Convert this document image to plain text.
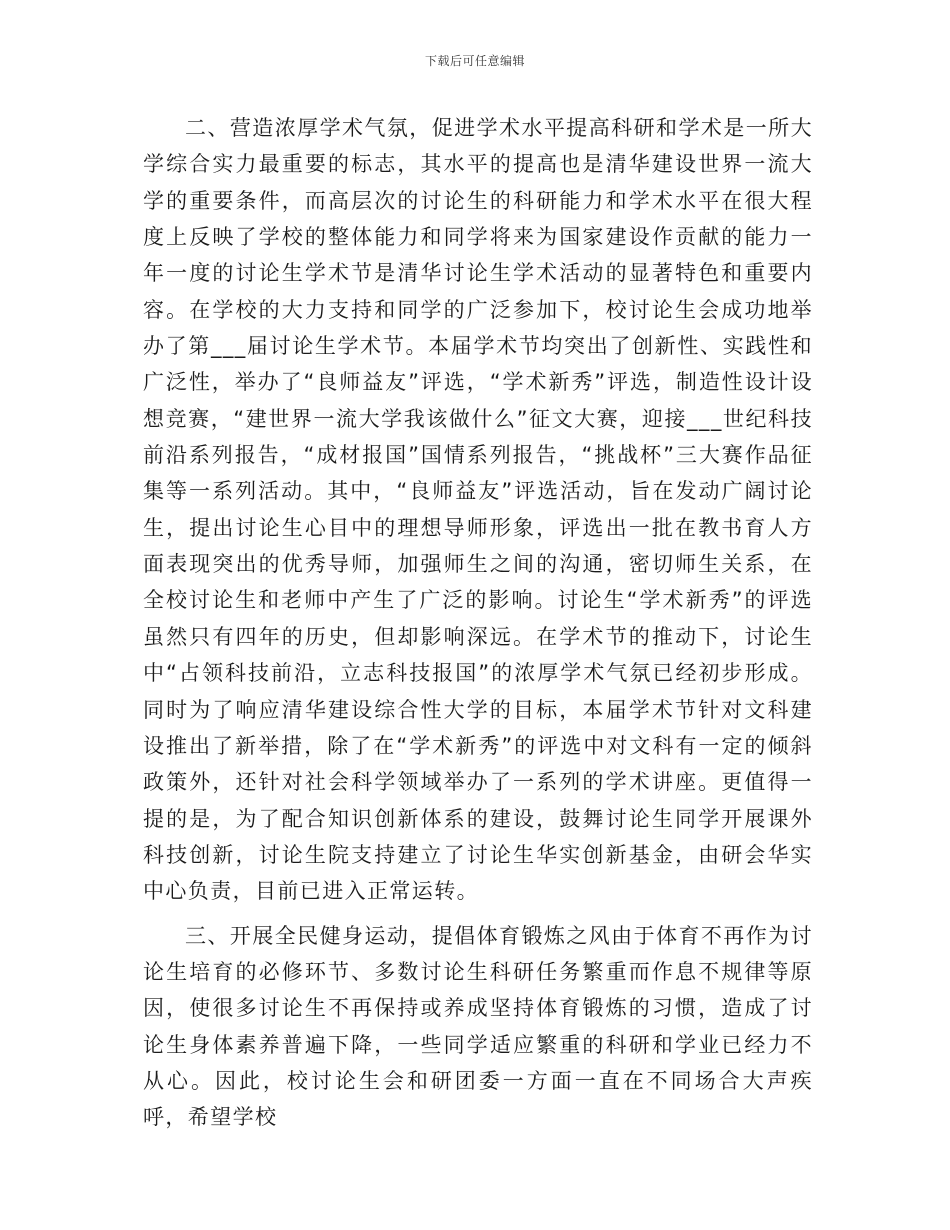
下载后可任意编辑

二、营造浓厚学术气氛，促进学术水平提高科研和学术是一所大学综合实力最重要的标志，其水平的提高也是清华建设世界一流大学的重要条件，而高层次的讨论生的科研能力和学术水平在很大程度上反映了学校的整体能力和同学将来为国家建设作贡献的能力一年一度的讨论生学术节是清华讨论生学术活动的显著特色和重要内容。在学校的大力支持和同学的广泛参加下，校讨论生会成功地举办了第___届讨论生学术节。本届学术节均突出了创新性、实践性和广泛性，举办了“良师益友”评选，“学术新秀”评选，制造性设计设想竞赛，“建世界一流大学我该做什么”征文大赛，迎接___世纪科技前沿系列报告，“成材报国”国情系列报告，“挑战杯”三大赛作品征集等一系列活动。其中，“良师益友”评选活动，旨在发动广阔讨论生，提出讨论生心目中的理想导师形象，评选出一批在教书育人方面表现突出的优秀导师，加强师生之间的沟通，密切师生关系，在全校讨论生和老师中产生了广泛的影响。讨论生“学术新秀”的评选虽然只有四年的历史，但却影响深远。在学术节的推动下，讨论生中“占领科技前沿，立志科技报国”的浓厚学术气氛已经初步形成。同时为了响应清华建设综合性大学的目标，本届学术节针对文科建设推出了新举措，除了在“学术新秀”的评选中对文科有一定的倾斜政策外，还针对社会科学领域举办了一系列的学术讲座。更值得一提的是，为了配合知识创新体系的建设，鼓舞讨论生同学开展课外科技创新，讨论生院支持建立了讨论生华实创新基金，由研会华实中心负责，目前已进入正常运转。

三、开展全民健身运动，提倡体育锻炼之风由于体育不再作为讨论生培育的必修环节、多数讨论生科研任务繁重而作息不规律等原因，使很多讨论生不再保持或养成坚持体育锻炼的习惯，造成了讨论生身体素养普遍下降，一些同学适应繁重的科研和学业已经力不从心。因此，校讨论生会和研团委一方面一直在不同场合大声疾呼，希望学校
